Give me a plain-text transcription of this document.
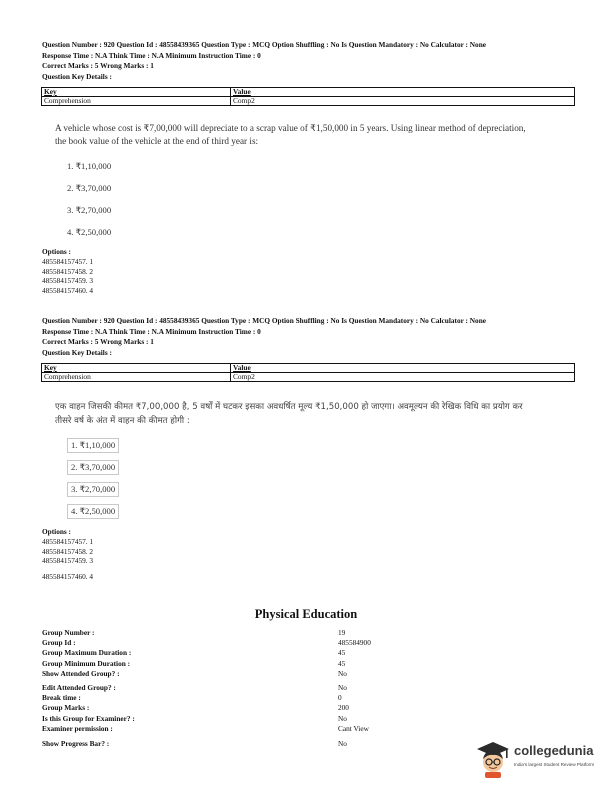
Question Number : 920 Question Id : 48558439365 Question Type : MCQ Option Shuffling : No Is Question Mandatory : No Calculator : None
Response Time : N.A Think Time : N.A Minimum Instruction Time : 0
Correct Marks : 5 Wrong Marks : 1
Question Key Details :
Key	Value
Comprehension	Comp2
A vehicle whose cost is ₹7,00,000 will depreciate to a scrap value of ₹1,50,000 in 5 years. Using linear method of depreciation, the book value of the vehicle at the end of third year is:
1. ₹1,10,000
2. ₹3,70,000
3. ₹2,70,000
4. ₹2,50,000
Options :
485584157457. 1
485584157458. 2
485584157459. 3
485584157460. 4
Question Number : 920 Question Id : 48558439365 Question Type : MCQ Option Shuffling : No Is Question Mandatory : No Calculator : None
Response Time : N.A Think Time : N.A Minimum Instruction Time : 0
Correct Marks : 5 Wrong Marks : 1
Question Key Details :
Key	Value
Comprehension	Comp2
एक वाहन जिसकी कीमत ₹7,00,000 है, 5 वर्षों में घटकर इसका अवधर्षित मूल्य ₹1,50,000 हो जाएगा। अवमूल्यन की रेखिक विधि का प्रयोग कर तीसरे वर्ष के अंत में वाहन की कीमत होगी :
1. ₹1,10,000
2. ₹3,70,000
3. ₹2,70,000
4. ₹2,50,000
Options :
485584157457. 1
485584157458. 2
485584157459. 3
485584157460. 4
Physical Education
Group Number :	19
Group Id :	485584900
Group Maximum Duration :	45
Group Minimum Duration :	45
Show Attended Group? :	No
Edit Attended Group? :	No
Break time :	0
Group Marks :	200
Is this Group for Examiner? :	No
Examiner permission :	Cant View
Show Progress Bar? :	No	collegedunia
India's largest Student Review Platform
